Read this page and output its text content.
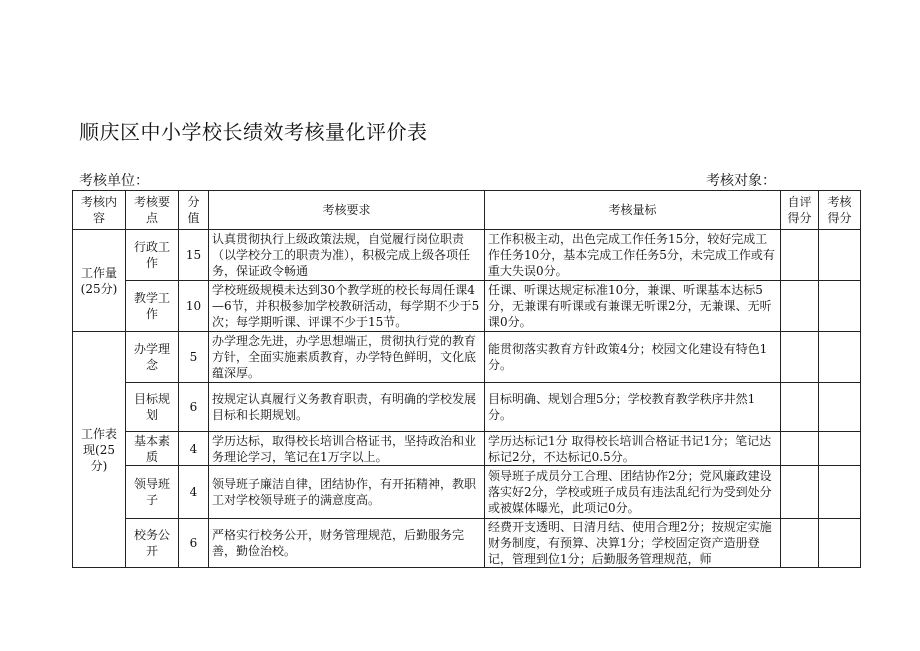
顺庆区中小学校长绩效考核量化评价表
考核单位：	考核对象：
考核内容	考核要点	分值	考核要求	考核量标	自评得分	考核得分
工作量(25分)	行政工作	15	认真贯彻执行上级政策法规，自觉履行岗位职责（以学校分工的职责为准），积极完成上级各项任务，保证政令畅通	工作积极主动，出色完成工作任务15分，较好完成工作任务10分，基本完成工作任务5分，未完成工作或有重大失误0分。		
	教学工作	10	学校班级规模未达到30个教学班的校长每周任课4—6节，并积极参加学校教研活动，每学期不少于5次；每学期听课、评课不少于15节。	任课、听课达规定标准10分，兼课、听课基本达标5分，无兼课有听课或有兼课无听课2分，无兼课、无听课0分。		
工作表现(25分)	办学理念	5	办学理念先进，办学思想端正，贯彻执行党的教育方针，全面实施素质教育，办学特色鲜明，文化底蕴深厚。	能贯彻落实教育方针政策4分；校园文化建设有特色1分。		
	目标规划	6	按规定认真履行义务教育职责，有明确的学校发展目标和长期规划。	目标明确、规划合理5分；学校教育教学秩序井然1分。		
	基本素质	4	学历达标，取得校长培训合格证书，坚持政治和业务理论学习，笔记在1万字以上。	学历达标记1分 取得校长培训合格证书记1分；笔记达标记2分，不达标记0.5分。		
	领导班子	4	领导班子廉洁自律，团结协作，有开拓精神，教职工对学校领导班子的满意度高。	领导班子成员分工合理、团结协作2分；党风廉政建设落实好2分，学校或班子成员有违法乱纪行为受到处分或被媒体曝光，此项记0分。		
	校务公开	6	严格实行校务公开，财务管理规范，后勤服务完善，勤俭治校。	经费开支透明、日清月结、使用合理2分；按规定实施财务制度，有预算、决算1分；学校固定资产造册登记，管理到位1分；后勤服务管理规范，师		
